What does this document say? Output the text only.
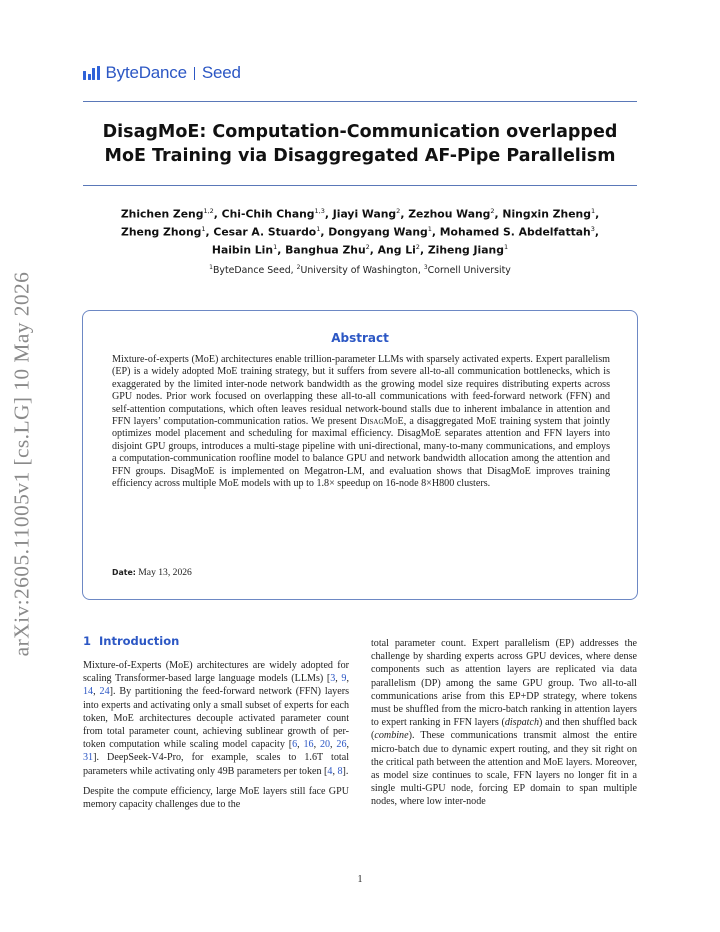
ByteDance Seed
DisagMoE: Computation-Communication overlapped
MoE Training via Disaggregated AF-Pipe Parallelism
Zhichen Zeng$^{1,2}$, Chi-Chih Chang$^{1,3}$, Jiayi Wang$^2$, Zezhou Wang$^2$, Ningxin Zheng$^1$,
Zheng Zhong$^1$, Cesar A. Stuardo$^1$, Dongyang Wang$^1$, Mohamed S. Abdelfattah$^3$,
Haibin Lin$^1$, Banghua Zhu$^2$, Ang Li$^2$, Ziheng Jiang$^1$
$^1$ByteDance Seed, $^2$University of Washington, $^3$Cornell University
arXiv:2605.11005v1 [cs.LG] 10 May 2026	Abstract
Mixture-of-experts (MoE) architectures enable trillion-parameter LLMs with sparsely activated experts. Expert parallelism (EP) is a widely adopted MoE training strategy, but it suffers from severe all-to-all communication bottlenecks, which is exaggerated by the limited inter-node network bandwidth as the growing model size requires distributing experts across GPU nodes. Prior work focused on overlapping these all-to-all communications with feed-forward network (FFN) and self-attention computations, which often leaves residual network-bound stalls due to inherent imbalance in attention and FFN layers’ computation-communication ratios. We present DisagMoE, a disaggregated MoE training system that jointly optimizes model placement and scheduling for maximal efficiency. DisagMoE separates attention and FFN layers into disjoint GPU groups, introduces a multi-stage pipeline with uni-directional, many-to-many communications, and employs a computation-communication roofline model to balance GPU and network bandwidth allocation among the attention and FFN groups. DisagMoE is implemented on Megatron-LM, and evaluation shows that DisagMoE improves training efficiency across multiple MoE models with up to 1.8× speedup on 16-node 8×H800 clusters.
Date: May 13, 2026
1 Introduction

Mixture-of-Experts (MoE) architectures are widely adopted for scaling Transformer-based large language models (LLMs) [3, 9, 14, 24]. By partitioning the feed-forward network (FFN) layers into experts and activating only a small subset of experts for each token, MoE architectures decouple activated parameter count from total parameter count, achieving sublinear growth of per-token computation while scaling model capacity [6, 16, 20, 26, 31]. DeepSeek-V4-Pro, for example, scales to 1.6T total parameters while activating only 49B parameters per token [4, 8].

Despite the compute efficiency, large MoE layers still face GPU memory capacity challenges due to the

total parameter count. Expert parallelism (EP) addresses the challenge by sharding experts across GPU devices, where dense components such as attention layers are replicated via data parallelism (DP) among the same GPU group. Two all-to-all communications arise from this EP+DP strategy, where tokens must be shuffled from the micro-batch ranking in attention layers to expert ranking in FFN layers (dispatch) and then shuffled back (combine). These communications transmit almost the entire micro-batch due to dynamic expert routing, and they sit right on the critical path between the attention and MoE layers. Moreover, as model size continues to scale, FFN layers no longer fit in a single multi-GPU node, forcing EP domain to span multiple nodes, where low inter-node

1
